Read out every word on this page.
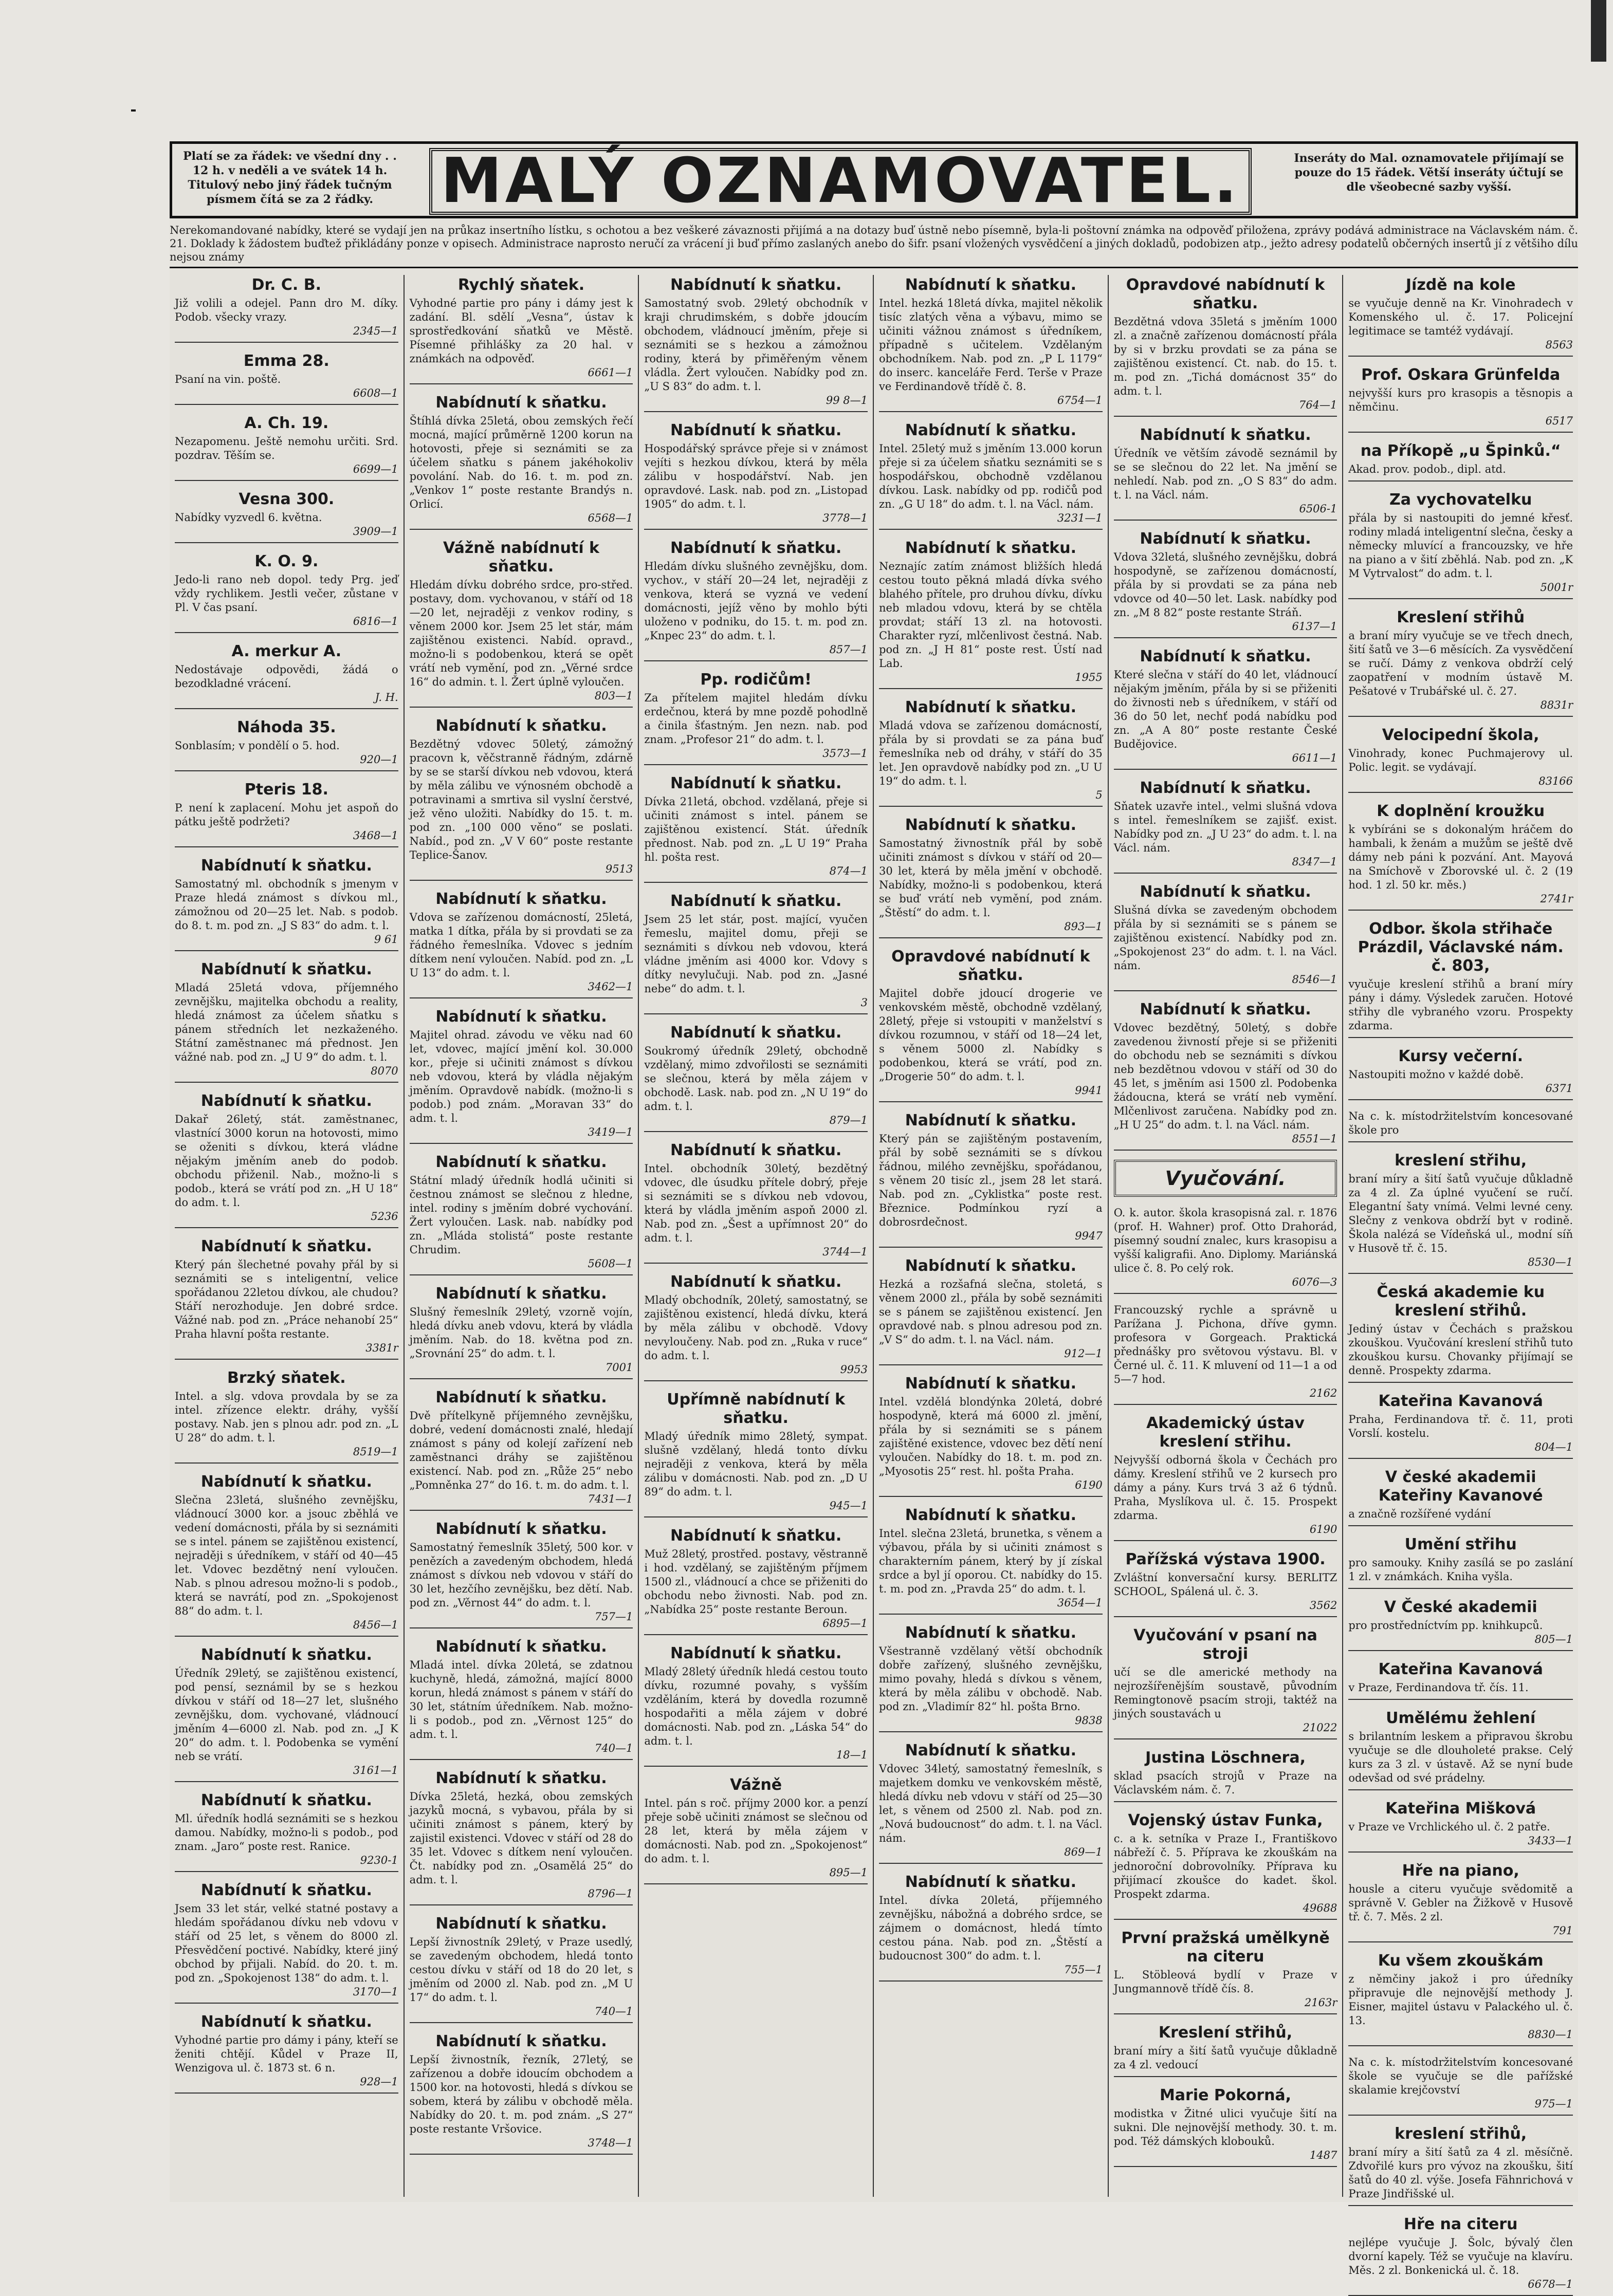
Platí se za řádek: ve všední dny . . 12 h. v neděli a ve svátek 14 h. Titulový nebo jiný řádek tučným písmem čítá se za 2 řádky.	MALÝ OZNAMOVATEL.	Inseráty do Mal. oznamovatele přijímají se pouze do 15 řádek. Větší inseráty účtují se dle všeobecné sazby vyšší.
Nerekomandované nabídky, které se vydají jen na průkaz insertního lístku, s ochotou a bez veškeré závaznosti přijímá a na dotazy buď ústně nebo písemně, byla-li poštovní známka na odpověď přiložena, zprávy podává administrace na Václavském nám. č. 21. Doklady k žádostem buďtež přikládány ponze v opisech. Administrace naprosto neručí za vrácení ji buď přímo zaslaných anebo do šifr. psaní vložených vysvědčení a jiných dokladů, podobizen atp., ježto adresy podatelů občerných insertů jí z většiho dílu nejsou známy
Dr. C. B.
Již volili a odejel. Pann dro M. díky. Podob. všecky vrazy.
2345—1
Emma 28.
Psaní na vin. poště.
6608—1
A. Ch. 19.
Nezapomenu. Ještě nemohu určiti. Srd. pozdrav. Těším se.
6699—1
Vesna 300.
Nabídky vyzvedl 6. května.
3909—1
K. O. 9.
Jedo-li rano neb dopol. tedy Prg. jeď vždy rychlikem. Jestli večer, zůstane v Pl. V čas psaní.
6816—1
A. merkur A.
Nedostávaje odpovědi, žádá o bezodkladné vrácení.
J. H.
Náhoda 35.
Sonblasím; v pondělí o 5. hod.
920—1
Pteris 18.
P. není k zaplacení. Mohu jet aspoň do pátku ještě podržeti?
3468—1
Nabídnutí k sňatku.
Samostatný ml. obchodník s jmenym v Praze hledá známost s dívkou ml., zámožnou od 20—25 let. Nab. s podob. do 8. t. m. pod zn. „J S 83“ do adm. t. l.
9 61
Nabídnutí k sňatku.
Mladá 25letá vdova, příjemného zevnějšku, majitelka obchodu a reality, hledá známost za účelem sňatku s pánem středních let nezkaženého. Státní zaměstnanec má přednost. Jen vážné nab. pod zn. „J U 9“ do adm. t. l.
8070
Nabídnutí k sňatku.
Dakař 26letý, stát. zaměstnanec, vlastnící 3000 korun na hotovosti, mimo se oženiti s dívkou, která vládne nějakým jměním aneb do podob. obchodu přiženil. Nab., možno-li s podob., která se vrátí pod zn. „H U 18“ do adm. t. l.
5236
Nabídnutí k sňatku.
Který pán šlechetné povahy přál by si seznámiti se s inteligentní, velice spořádanou 22letou dívkou, ale chudou? Stáří nerozhoduje. Jen dobré srdce. Vážné nab. pod zn. „Práce nehanobí 25“ Praha hlavní pošta restante.
3381r
Brzký sňatek.
Intel. a slg. vdova provdala by se za intel. zřízence elektr. dráhy, vyšší postavy. Nab. jen s plnou adr. pod zn. „L U 28“ do adm. t. l.
8519—1
Nabídnutí k sňatku.
Slečna 23letá, slušného zevnějšku, vládnoucí 3000 kor. a jsouc zběhlá ve vedení domácnosti, přála by si seznámiti se s intel. pánem se zajištěnou existencí, nejraději s úředníkem, v stáří od 40—45 let. Vdovec bezdětný není vyloučen. Nab. s plnou adresou možno-li s podob., která se navrátí, pod zn. „Spokojenost 88“ do adm. t. l.
8456—1
Nabídnutí k sňatku.
Úředník 29letý, se zajištěnou existencí, pod pensí, seznámil by se s hezkou dívkou v stáří od 18—27 let, slušného zevnějšku, dom. vychované, vládnoucí jměním 4—6000 zl. Nab. pod zn. „J K 20“ do adm. t. l. Podobenka se vymění neb se vrátí.
3161—1
Nabídnutí k sňatku.
Ml. úředník hodlá seznámiti se s hezkou damou. Nabídky, možno-li s podob., pod znam. „Jaro“ poste rest. Ranice.
9230-1
Nabídnutí k sňatku.
Jsem 33 let stár, velké statné postavy a hledám spořádanou dívku neb vdovu v stáří od 25 let, s věnem do 8000 zl. Přesvědčení poctivé. Nabídky, které jiný obchod by přijali. Nabíd. do 20. t. m. pod zn. „Spokojenost 138“ do adm. t. l.
3170—1
Nabídnutí k sňatku.
Vyhodné partie pro dámy i pány, kteří se ženiti chtějí. Kůdel v Praze II, Wenzigova ul. č. 1873 st. 6 n.
928—1
Rychlý sňatek.
Vyhodné partie pro pány i dámy jest k zadání. Bl. sdělí „Vesna“, ústav k sprostředkování sňatků ve Městě. Písemné přihlášky za 20 hal. v známkách na odpověď.
6661—1
Nabídnutí k sňatku.
Štíhlá dívka 25letá, obou zemských řečí mocná, mající průměrně 1200 korun na hotovosti, přeje si seznámiti se za účelem sňatku s pánem jakéhokoliv povolání. Nab. do 16. t. m. pod zn. „Venkov 1“ poste restante Brandýs n. Orlicí.
6568—1
Vážně nabídnutí k sňatku.
Hledám dívku dobrého srdce, pro-střed. postavy, dom. vychovanou, v stáří od 18—20 let, nejraději z venkov rodiny, s věnem 2000 kor. Jsem 25 let stár, mám zajištěnou existenci. Nabíd. opravd., možno-li s podobenkou, která se opět vrátí neb vymění, pod zn. „Věrné srdce 16“ do admin. t. l. Žert úplně vyloučen.
803—1
Nabídnutí k sňatku.
Bezdětný vdovec 50letý, zámožný pracovn k, věčstranně řádným, zdárně by se se starší dívkou neb vdovou, která by měla zálibu ve výnosném obchodě a potravinami a smrtiva sil vyslní čerstvé, jež věno uložiti. Nabídky do 15. t. m. pod zn. „100 000 věno“ se poslati. Nabíd., pod zn. „V V 60“ poste restante Teplice-Šanov.
9513
Nabídnutí k sňatku.
Vdova se zařízenou domácností, 25letá, matka 1 dítka, přála by si provdati se za řádného řemeslníka. Vdovec s jedním dítkem není vyloučen. Nabíd. pod zn. „L U 13“ do adm. t. l.
3462—1
Nabídnutí k sňatku.
Majitel ohrad. závodu ve věku nad 60 let, vdovec, mající jmění kol. 30.000 kor., přeje si učiniti známost s dívkou neb vdovou, která by vládla nějakým jměním. Opravdově nabídk. (možno-li s podob.) pod znám. „Moravan 33“ do adm. t. l.
3419—1
Nabídnutí k sňatku.
Státní mladý úředník hodlá učiniti si čestnou známost se slečnou z hledne, intel. rodiny s jměním dobré vychování. Žert vyloučen. Lask. nab. nabídky pod zn. „Mláda stolistá“ poste restante Chrudim.
5608—1
Nabídnutí k sňatku.
Slušný řemeslník 29letý, vzorně vojín, hledá dívku aneb vdovu, která by vládla jměním. Nab. do 18. května pod zn. „Srovnání 25“ do adm. t. l.
7001
Nabídnutí k sňatku.
Dvě přítelkyně příjemného zevnějšku, dobré, vedení domácnosti znalé, hledají známost s pány od kolejí zařízení neb zaměstnanci dráhy se zajištěnou existencí. Nab. pod zn. „Růže 25“ nebo „Pomněnka 27“ do 16. t. m. do adm. t. l.
7431—1
Nabídnutí k sňatku.
Samostatný řemeslník 35letý, 500 kor. v penězích a zavedeným obchodem, hledá známost s dívkou neb vdovou v stáří do 30 let, hezčího zevnějšku, bez dětí. Nab. pod zn. „Věrnost 44“ do adm. t. l.
757—1
Nabídnutí k sňatku.
Mladá intel. dívka 20letá, se zdatnou kuchyně, hledá, zámožná, mající 8000 korun, hledá známost s pánem v stáří do 30 let, státním úředníkem. Nab. možno-li s podob., pod zn. „Věrnost 125“ do adm. t. l.
740—1
Nabídnutí k sňatku.
Dívka 25letá, hezká, obou zemských jazyků mocná, s vybavou, přála by si učiniti známost s pánem, který by zajistil existenci. Vdovec v stáří od 28 do 35 let. Vdovec s dítkem není vyloučen. Čt. nabídky pod zn. „Osamělá 25“ do adm. t. l.
8796—1
Nabídnutí k sňatku.
Lepší živnostník 29letý, v Praze usedlý, se zavedeným obchodem, hledá tonto cestou dívku v stáří od 18 do 20 let, s jměním od 2000 zl. Nab. pod zn. „M U 17“ do adm. t. l.
740—1
Nabídnutí k sňatku.
Lepší živnostník, řezník, 27letý, se zařízenou a dobře idoucím obchodem a 1500 kor. na hotovosti, hledá s dívkou se sobem, která by zálibu v obchodě měla. Nabídky do 20. t. m. pod znám. „S 27“ poste restante Vršovice.
3748—1
Nabídnutí k sňatku.
Samostatný svob. 29letý obchodník v kraji chrudimském, s dobře jdoucím obchodem, vládnoucí jměním, přeje si seznámiti se s hezkou a zámožnou rodiny, která by přiměřeným věnem vládla. Žert vyloučen. Nabídky pod zn. „U S 83“ do adm. t. l.
99 8—1
Nabídnutí k sňatku.
Hospodářský správce přeje si v známost vejíti s hezkou dívkou, která by měla zálibu v hospodářství. Nab. jen opravdové. Lask. nab. pod zn. „Listopad 1905“ do adm. t. l.
3778—1
Nabídnutí k sňatku.
Hledám dívku slušného zevnějšku, dom. vychov., v stáří 20—24 let, nejraději z venkova, která se vyzná ve vedení domácnosti, jejíž věno by mohlo býti uloženo v podniku, do 15. t. m. pod zn. „Knpec 23“ do adm. t. l.
857—1
Pp. rodičům!
Za přítelem majitel hledám dívku erdečnou, která by mne pozdě pohodlně a činila šťastným. Jen nezn. nab. pod znam. „Profesor 21“ do adm. t. l.
3573—1
Nabídnutí k sňatku.
Dívka 21letá, obchod. vzdělaná, přeje si učiniti známost s intel. pánem se zajištěnou existencí. Stát. úředník přednost. Nab. pod zn. „L U 19“ Praha hl. pošta rest.
874—1
Nabídnutí k sňatku.
Jsem 25 let stár, post. mající, vyučen řemeslu, majitel domu, přeji se seznámiti s dívkou neb vdovou, která vládne jměním asi 4000 kor. Vdovy s dítky nevylučuji. Nab. pod zn. „Jasné nebe“ do adm. t. l.
3
Nabídnutí k sňatku.
Soukromý úředník 29letý, obchodně vzdělaný, mimo zdvořilosti se seznámiti se slečnou, která by měla zájem v obchodě. Lask. nab. pod zn. „N U 19“ do adm. t. l.
879—1
Nabídnutí k sňatku.
Intel. obchodník 30letý, bezdětný vdovec, dle úsudku přítele dobrý, přeje si seznámiti se s dívkou neb vdovou, která by vládla jměním aspoň 2000 zl. Nab. pod zn. „Šest a upřímnost 20“ do adm. t. l.
3744—1
Nabídnutí k sňatku.
Mladý obchodník, 20letý, samostatný, se zajištěnou existencí, hledá dívku, která by měla zálibu v obchodě. Vdovy nevyloučeny. Nab. pod zn. „Ruka v ruce“ do adm. t. l.
9953
Upřímně nabídnutí k sňatku.
Mladý úředník mimo 28letý, sympat. slušně vzdělaný, hledá tonto dívku nejraději z venkova, která by měla zálibu v domácnosti. Nab. pod zn. „D U 89“ do adm. t. l.
945—1
Nabídnutí k sňatku.
Muž 28letý, prostřed. postavy, věstranně i hod. vzdělaný, se zajištěným příjmem 1500 zl., vládnoucí a chce se přiženiti do obchodu nebo živnosti. Nab. pod zn. „Nabídka 25“ poste restante Beroun.
6895—1
Nabídnutí k sňatku.
Mladý 28letý úředník hledá cestou touto dívku, rozumné povahy, s vyšším vzděláním, která by dovedla rozumně hospodařiti a měla zájem v dobré domácnosti. Nab. pod zn. „Láska 54“ do adm. t. l.
18—1
Vážně
Intel. pán s roč. příjmy 2000 kor. a penzí přeje sobě učiniti známost se slečnou od 28 let, která by měla zájem v domácnosti. Nab. pod zn. „Spokojenost“ do adm. t. l.
895—1
Nabídnutí k sňatku.
Intel. hezká 18letá dívka, majitel několik tisíc zlatých věna a výbavu, mimo se učiniti vážnou známost s úředníkem, případně s učitelem. Vzdělaným obchodníkem. Nab. pod zn. „P L 1179“ do inserc. kanceláře Ferd. Terše v Praze ve Ferdinandově třídě č. 8.
6754—1
Nabídnutí k sňatku.
Intel. 25letý muž s jměním 13.000 korun přeje si za účelem sňatku seznámiti se s hospodářskou, obchodně vzdělanou dívkou. Lask. nabídky od pp. rodičů pod zn. „G U 18“ do adm. t. l. na Václ. nám.
3231—1
Nabídnutí k sňatku.
Neznajíc zatím známost bližších hledá cestou touto pěkná mladá dívka svého blahého přítele, pro druhou dívku, dívku neb mladou vdovu, která by se chtěla provdat; stáří 13 zl. na hotovosti. Charakter ryzí, mlčenlivost čestná. Nab. pod zn. „J H 81“ poste rest. Ústí nad Lab.
1955
Nabídnutí k sňatku.
Mladá vdova se zařízenou domácností, přála by si provdati se za pána buď řemeslníka neb od dráhy, v stáří do 35 let. Jen opravdově nabídky pod zn. „U U 19“ do adm. t. l.
5
Nabídnutí k sňatku.
Samostatný živnostník přál by sobě učiniti známost s dívkou v stáří od 20—30 let, která by měla jmění v obchodě. Nabídky, možno-li s podobenkou, která se buď vrátí neb vymění, pod znám. „Štěstí“ do adm. t. l.
893—1
Opravdové nabídnutí k sňatku.
Majitel dobře jdoucí drogerie ve venkovském městě, obchodně vzdělaný, 28letý, přeje si vstoupiti v manželství s dívkou rozumnou, v stáří od 18—24 let, s věnem 5000 zl. Nabídky s podobenkou, která se vrátí, pod zn. „Drogerie 50“ do adm. t. l.
9941
Nabídnutí k sňatku.
Který pán se zajištěným postavením, přál by sobě seznámiti se s dívkou řádnou, milého zevnějšku, spořádanou, s věnem 20 tisíc zl., jsem 28 let stará. Nab. pod zn. „Cyklistka“ poste rest. Březnice. Podmínkou ryzí a dobrosrdečnost.
9947
Nabídnutí k sňatku.
Hezká a rozšafná slečna, stoletá, s věnem 2000 zl., přála by sobě seznámiti se s pánem se zajištěnou existencí. Jen opravdové nab. s plnou adresou pod zn. „V S“ do adm. t. l. na Václ. nám.
912—1
Nabídnutí k sňatku.
Intel. vzdělá blondýnka 20letá, dobré hospodyně, která má 6000 zl. jmění, přála by si seznámiti se s pánem zajištěné existence, vdovec bez dětí není vyloučen. Nabídky do 18. t. m. pod zn. „Myosotis 25“ rest. hl. pošta Praha.
6190
Nabídnutí k sňatku.
Intel. slečna 23letá, brunetka, s věnem a výbavou, přála by si učiniti známost s charakterním pánem, který by jí získal srdce a byl jí oporou. Ct. nabídky do 15. t. m. pod zn. „Pravda 25“ do adm. t. l.
3654—1
Nabídnutí k sňatku.
Všestranně vzdělaný větší obchodník dobře zařízený, slušného zevnějšku, mimo povahy, hledá s dívkou s věnem, která by měla zálibu v obchodě. Nab. pod zn. „Vladimír 82“ hl. pošta Brno.
9838
Nabídnutí k sňatku.
Vdovec 34letý, samostatný řemeslník, s majetkem domku ve venkovském městě, hledá dívku neb vdovu v stáří od 25—30 let, s věnem od 2500 zl. Nab. pod zn. „Nová budoucnost“ do adm. t. l. na Václ. nám.
869—1
Nabídnutí k sňatku.
Intel. dívka 20letá, příjemného zevnějšku, nábožná a dobrého srdce, se zájmem o domácnost, hledá tímto cestou pána. Nab. pod zn. „Štěstí a budoucnost 300“ do adm. t. l.
755—1
Opravdové nabídnutí k sňatku.
Bezdětná vdova 35letá s jměním 1000 zl. a značně zařízenou domácností přála by si v brzku provdati se za pána se zajištěnou existencí. Ct. nab. do 15. t. m. pod zn. „Tichá domácnost 35“ do adm. t. l.
764—1
Nabídnutí k sňatku.
Úředník ve větším závodě seznámil by se se slečnou do 22 let. Na jmění se nehledí. Nab. pod zn. „O S 83“ do adm. t. l. na Václ. nám.
6506-1
Nabídnutí k sňatku.
Vdova 32letá, slušného zevnějšku, dobrá hospodyně, se zařízenou domácností, přála by si provdati se za pána neb vdovce od 40—50 let. Lask. nabídky pod zn. „M 8 82“ poste restante Stráň.
6137—1
Nabídnutí k sňatku.
Které slečna v stáří do 40 let, vládnoucí nějakým jměním, přála by si se přiženiti do živnosti neb s úředníkem, v stáří od 36 do 50 let, nechť podá nabídku pod zn. „A A 80“ poste restante České Budějovice.
6611—1
Nabídnutí k sňatku.
Sňatek uzavře intel., velmi slušná vdova s intel. řemeslníkem se zajišť. exist. Nabídky pod zn. „J U 23“ do adm. t. l. na Václ. nám.
8347—1
Nabídnutí k sňatku.
Slušná dívka se zavedeným obchodem přála by si seznámiti se s pánem se zajištěnou existencí. Nabídky pod zn. „Spokojenost 23“ do adm. t. l. na Václ. nám.
8546—1
Nabídnutí k sňatku.
Vdovec bezdětný, 50letý, s dobře zavedenou živností přeje si se přiženiti do obchodu neb se seznámiti s dívkou neb bezdětnou vdovou v stáří od 30 do 45 let, s jměním asi 1500 zl. Podobenka žádoucna, která se vrátí neb vymění. Mlčenlivost zaručena. Nabídky pod zn. „H U 25“ do adm. t. l. na Václ. nám.
8551—1
Vyučování.
O. k. autor. škola krasopisná zal. r. 1876 (prof. H. Wahner) prof. Otto Drahorád, písemný soudní znalec, kurs krasopisu a vyšší kaligrafii. Ano. Diplomy. Mariánská ulice č. 8. Po celý rok.
6076—3
Francouzský rychle a správně u Parížana J. Pichona, dříve gymn. profesora v Gorgeach. Praktická přednášky pro světovou výstavu. Bl. v Černé ul. č. 11. K mluvení od 11—1 a od 5—7 hod.
2162
Akademický ústav kreslení střihu.
Nejvyšší odborná škola v Čechách pro dámy. Kreslení střihů ve 2 kursech pro dámy a pány. Kurs trvá 3 až 6 týdnů. Praha, Myslíkova ul. č. 15. Prospekt zdarma.
6190
Pařížská výstava 1900.
Zvláštní konversační kursy. BERLITZ SCHOOL, Spálená ul. č. 3.
3562
Vyučování v psaní na stroji
učí se dle americké methody na nejrozšířenějším soustavě, původním Remingtonově psacím stroji, taktéž na jiných soustavách u
21022
Justina Löschnera,
sklad psacích strojů v Praze na Václavském nám. č. 7.
Vojenský ústav Funka,
c. a k. setníka v Praze I., Františkovo nábřeží č. 5. Příprava ke zkouškám na jednoroční dobrovolníky. Příprava ku přijímací zkoušce do kadet. škol. Prospekt zdarma.
49688
První pražská umělkyně na citeru
L. Stöbleová bydlí v Praze v Jungmannově třídě čís. 8.
2163r
Kreslení střihů,
braní míry a šití šatů vyučuje důkladně za 4 zl. vedoucí
Marie Pokorná,
modistka v Žitné ulici vyučuje šití na sukni. Dle nejnovější methody. 30. t. m. pod. Též dámských klobouků.
1487
Jízdě na kole
se vyučuje denně na Kr. Vinohradech v Komenského ul. č. 17. Policejní legitimace se tamtéž vydávají.
8563
Prof. Oskara Grünfelda
nejvyšší kurs pro krasopis a těsnopis a němčinu.
6517
na Příkopě „u Špinků.“
Akad. prov. podob., dipl. atd.
Za vychovatelku
přála by si nastoupiti do jemné křesť. rodiny mladá inteligentní slečna, česky a německy mluvící a francouzsky, ve hře na piano a v šití zběhlá. Nab. pod zn. „K M Vytrvalost“ do adm. t. l.
5001r
Kreslení střihů
a braní míry vyučuje se ve třech dnech, šití šatů ve 3—6 měsících. Za vysvědčení se ručí. Dámy z venkova obdrží celý zaopatření v modním ústavě M. Pešatové v Trubářské ul. č. 27.
8831r
Velocipední škola,
Vinohrady, konec Puchmajerovy ul. Polic. legit. se vydávají.
83166
K doplnění kroužku
k vybíráni se s dokonalým hráčem do hambali, k ženám a mužům se ještě dvě dámy neb páni k pozvání. Ant. Mayová na Smíchově v Zborovské ul. č. 2 (19 hod. 1 zl. 50 kr. měs.)
2741r
Odbor. škola střihače Prázdil, Václavské nám. č. 803,
vyučuje kreslení střihů a braní míry pány i dámy. Výsledek zaručen. Hotové střihy dle vybraného vzoru. Prospekty zdarma.
Kursy večerní.
Nastoupiti možno v každé době.
6371
Na c. k. místodržitelstvím koncesované škole pro
kreslení střihu,
braní míry a šití šatů vyučuje důkladně za 4 zl. Za úplné vyučení se ručí. Elegantní šaty vnímá. Velmi levné ceny. Slečny z venkova obdrží byt v rodině. Škola nalézá se Vídeňská ul., modní síň v Husově tř. č. 15.
8530—1
Česká akademie ku kreslení střihů.
Jediný ústav v Čechách s pražskou zkouškou. Vyučování kreslení střihů tuto zkouškou kursu. Chovanky přijímají se denně. Prospekty zdarma.
Kateřina Kavanová
Praha, Ferdinandova tř. č. 11, proti Vorslí. kostelu.
804—1
V české akademii Kateřiny Kavanové
a značně rozšířené vydání
Umění střihu
pro samouky. Knihy zasílá se po zaslání 1 zl. v známkách. Kniha vyšla.
V České akademii
pro prostředníctvím pp. knihkupců.
805—1
Kateřina Kavanová
v Praze, Ferdinandova tř. čís. 11.
Umělému žehlení
s brilantním leskem a připravou škrobu vyučuje se dle dlouholeté prakse. Celý kurs za 3 zl. v ústavě. Až se nyní bude odevšad od své prádelny.
Kateřina Mišková
v Praze ve Vrchlického ul. č. 2 patře.
3433—1
Hře na piano,
housle a citeru vyučuje svědomitě a správně V. Gebler na Žižkově v Husově tř. č. 7. Měs. 2 zl.
791
Ku všem zkouškám
z němčiny jakož i pro úředníky připravuje dle nejnovější methody J. Eisner, majitel ústavu v Palackého ul. č. 13.
8830—1
Na c. k. místodržitelstvím koncesované škole se vyučuje se dle pařížské skalamie krejčovství
975—1
kreslení střihů,
braní míry a šití šatů za 4 zl. měsíčně. Zdvořilé kurs pro vývoz na zkoušku, šití šatů do 40 zl. výše. Josefa Fähnrichová v Praze Jindřišské ul.
Hře na citeru
nejlépe vyučuje J. Šolc, bývalý člen dvorní kapely. Též se vyučuje na klavíru. Měs. 2 zl. Bonkenická ul. č. 18.
6678—1
